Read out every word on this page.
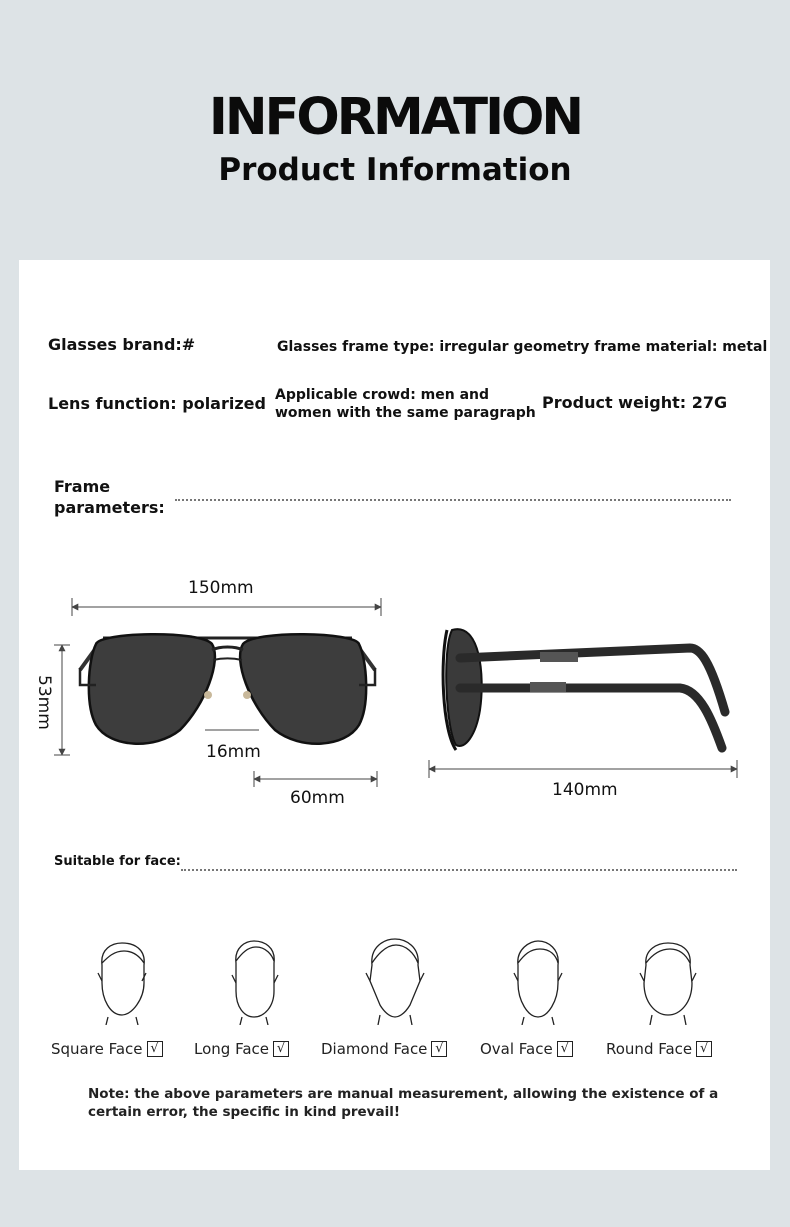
INFORMATION
Product Information
Glasses brand:#	Glasses frame type: irregular geometry frame material: metal
Lens function: polarized Applicable crowd: men and
women with the same paragraph
Product weight: 27G
Frame
parameters:
150mm
53mm
16mm
60mm	140mm
Suitable for face:
Square Face √ Long Face √ Diamond Face √ Oval Face √ Round Face √
Note: the above parameters are manual measurement, allowing the existence of a
certain error, the specific in kind prevail!
